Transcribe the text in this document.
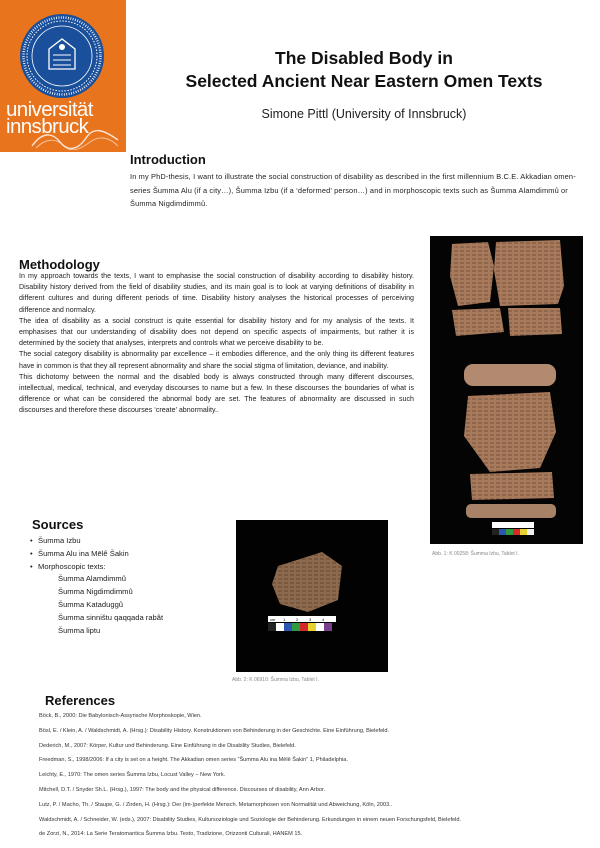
universität
innsbruck
The Disabled Body in
Selected Ancient Near Eastern Omen Texts
Simone Pittl (University of Innsbruck)
Introduction
In my PhD-thesis, I want to illustrate the social construction of disability as described in the first millennium B.C.E. Akkadian omen-series Šumma Alu (if a city…), Šumma Izbu (if a ‘deformed’ person…) and in morphoscopic texts such as Šumma Alamdimmû or Šumma Nigdimdimmû.
Methodology

In my approach towards the texts, I want to emphasise the social construction of disability according to disability history. Disability history derived from the field of disability studies, and its main goal is to look at varying definitions of disability in different cultures and during different periods of time. Disability history analyses the historical processes of perceiving difference and normalcy.

The idea of disability as a social construct is quite essential for disability history and for my analysis of the texts. It emphasises that our understanding of disability does not depend on specific aspects of impairments, but rather it is determined by the society that analyses, interprets and controls what we perceive disability to be.

The social category disability is abnormality par excellence – it embodies difference, and the only thing its different features have in common is that they all represent abnormality and share the social stigma of limitation, deviance, and inability.

This dichotomy between the normal and the disabled body is always constructed through many different discourses, intellectual, medical, technical, and everyday discourses to name but a few. In these discourses the boundaries of what is difference or what can be considered the abnormal body are set. The features of abnormality are discussed in such discourses and therefore these discourses ‘create’ abnormality..

Abb. 1: K 00258: Šumma Izbu, Tablet I.
Sources
• Šumma Izbu
• Šumma Alu ina Mēlê Šakin
• Morphoscopic texts:
Šumma Alamdimmû
Šumma Nigdimdimmû
Šumma Kataduggû
Šumma sinništu qaqqada rabât
Šumma liptu
cm 1	2	3	4
Abb. 2: K 06910: Šumma Izbu, Tablet I.
References
Böck, B., 2000: Die Babylonisch-Assyrische Morphoskopie, Wien.
Bösl, E. / Klein, A. / Waldschmidt, A. (Hrsg.): Disability History. Konstruktionen von Behinderung in der Geschichte. Eine Einführung, Bielefeld.
Dederich, M., 2007: Körper, Kultur und Behinderung. Eine Einführung in die Disability Studies, Bielefeld.
Freedman, S., 1998/2006: If a city is set on a height. The Akkadian omen series “Šumma Alu ina Mēlê Šakin” 1, Philadelphia.
Leichty, E., 1970: The omen series Šumma Izbu, Locust Valley – New York.
Mitchell, D.T. / Snyder Sh.L. (Hrsg.), 1997: The body and the physical difference. Discourses of disability, Ann Arbor.
Lutz, P. / Macho, Th. / Staupe, G. / Zirden, H. (Hrsg.): Der (im-)perfekte Mensch. Metamorphosen von Normalität und Abweichung, Köln, 2003..
Waldschmidt, A. / Schneider, W. (eds.), 2007: Disability Studies, Kultursoziologie und Soziologie der Behinderung. Erkundungen in einem neuen Forschungsfeld, Bielefeld.
de Zorzi, N., 2014: La Serie Teratomantica Šumma Izbu. Testo, Tradizione, Orizzonti Culturali, HANEM 15.
